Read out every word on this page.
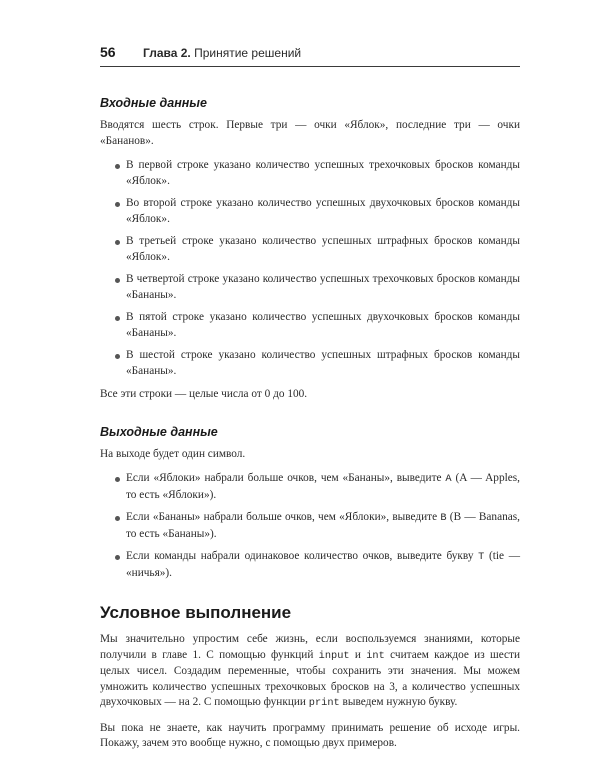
56 Глава 2. Принятие решений
Входные данные

Вводятся шесть строк. Первые три — очки «Яблок», последние три — очки «Бананов».

В первой строке указано количество успешных трехочковых бросков команды «Яблок».
Во второй строке указано количество успешных двухочковых бросков команды «Яблок».
В третьей строке указано количество успешных штрафных бросков команды «Яблок».
В четвертой строке указано количество успешных трехочковых бросков команды «Бананы».
В пятой строке указано количество успешных двухочковых бросков команды «Бананы».
В шестой строке указано количество успешных штрафных бросков команды «Бананы».

Все эти строки — целые числа от 0 до 100.

Выходные данные

На выходе будет один символ.

Если «Яблоки» набрали больше очков, чем «Бананы», выведите A (A — Apples, то есть «Яблоки»).
Если «Бананы» набрали больше очков, чем «Яблоки», выведите B (B — Bananas, то есть «Бананы»).
Если команды набрали одинаковое количество очков, выведите букву T (tie — «ничья»).
Условное выполнение

Мы значительно упростим себе жизнь, если воспользуемся знаниями, которые получили в главе 1. С помощью функций input и int считаем каждое из шести целых чисел. Создадим переменные, чтобы сохранить эти значения. Мы можем умножить количество успешных трехочковых бросков на 3, а количество успешных двухочковых — на 2. С помощью функции print выведем нужную букву.

Вы пока не знаете, как научить программу принимать решение об исходе игры. Покажу, зачем это вообще нужно, с помощью двух примеров.
